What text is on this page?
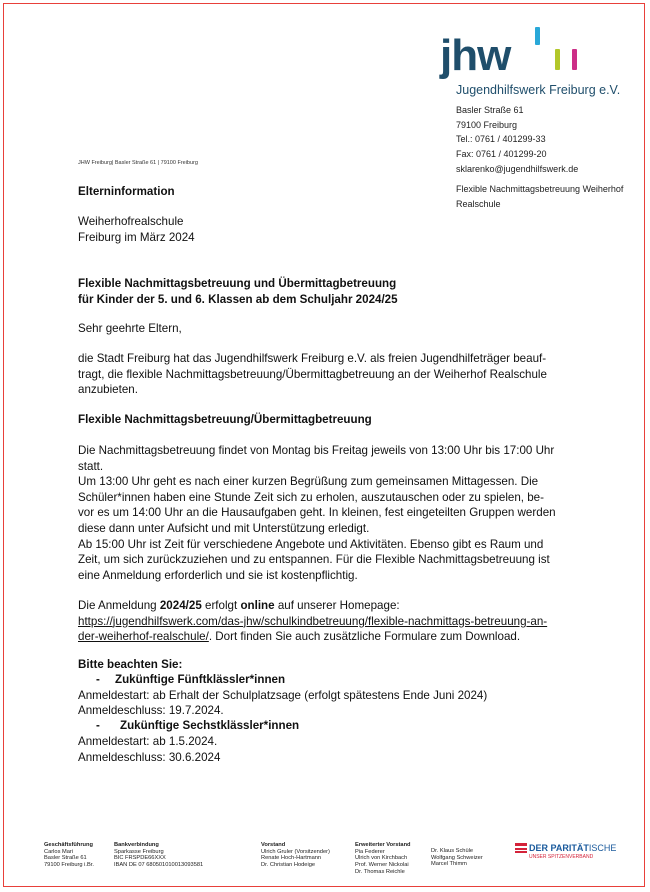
jhw
Jugendhilfswerk Freiburg e.V.
Basler Straße 61
79100 Freiburg
Tel.: 0761 / 401299-33
Fax: 0761 / 401299-20
sklarenko@jugendhilfswerk.de
Flexible Nachmittagsbetreuung Weiherhof
Realschule
JHW Freiburg| Basler Straße 61 | 79100 Freiburg
Elterninformation
Weiherhofrealschule
Freiburg im März 2024
Flexible Nachmittagsbetreuung und Übermittagbetreuung
für Kinder der 5. und 6. Klassen ab dem Schuljahr 2024/25
Sehr geehrte Eltern,
die Stadt Freiburg hat das Jugendhilfswerk Freiburg e.V. als freien Jugendhilfeträger beauf-
tragt, die flexible Nachmittagsbetreuung/Übermittagbetreuung an der Weiherhof Realschule
anzubieten.
Flexible Nachmittagsbetreuung/Übermittagbetreuung
Die Nachmittagsbetreuung findet von Montag bis Freitag jeweils von 13:00 Uhr bis 17:00 Uhr
statt.
Um 13:00 Uhr geht es nach einer kurzen Begrüßung zum gemeinsamen Mittagessen. Die
Schüler*innen haben eine Stunde Zeit sich zu erholen, auszutauschen oder zu spielen, be-
vor es um 14:00 Uhr an die Hausaufgaben geht. In kleinen, fest eingeteilten Gruppen werden
diese dann unter Aufsicht und mit Unterstützung erledigt.
Ab 15:00 Uhr ist Zeit für verschiedene Angebote und Aktivitäten. Ebenso gibt es Raum und
Zeit, um sich zurückzuziehen und zu entspannen. Für die Flexible Nachmittagsbetreuung ist
eine Anmeldung erforderlich und sie ist kostenpflichtig.
Die Anmeldung 2024/25 erfolgt online auf unserer Homepage:
https://jugendhilfswerk.com/das-jhw/schulkindbetreuung/flexible-nachmittags-betreuung-an-
der-weiherhof-realschule/. Dort finden Sie auch zusätzliche Formulare zum Download.
Bitte beachten Sie:
- Zukünftige Fünftklässler*innen
Anmeldestart: ab Erhalt der Schulplatzsage (erfolgt spätestens Ende Juni 2024)
Anmeldeschluss: 19.7.2024.
- Zukünftige Sechstklässler*innen
Anmeldestart: ab 1.5.2024.
Anmeldeschluss: 30.6.2024
Geschäftsführung
Carlos Mari
Basler Straße 61
79100 Freiburg i.Br.
Bankverbindung
Sparkasse Freiburg
BIC FRSPDE66XXX
IBAN DE 07 680501010013093581
Vorstand
Ulrich Gruler (Vorsitzender)
Renate Hoch-Hartmann
Dr. Christian Hodeige
Erweiterter Vorstand
Pia Federer
Ulrich von Kirchbach
Prof. Werner Nickolai
Dr. Thomas Reichle
Dr. Klaus Schüle
Wolfgang Schweizer
Marcel Thimm
DER PARITÄTISCHE
UNSER SPITZENVERBAND
